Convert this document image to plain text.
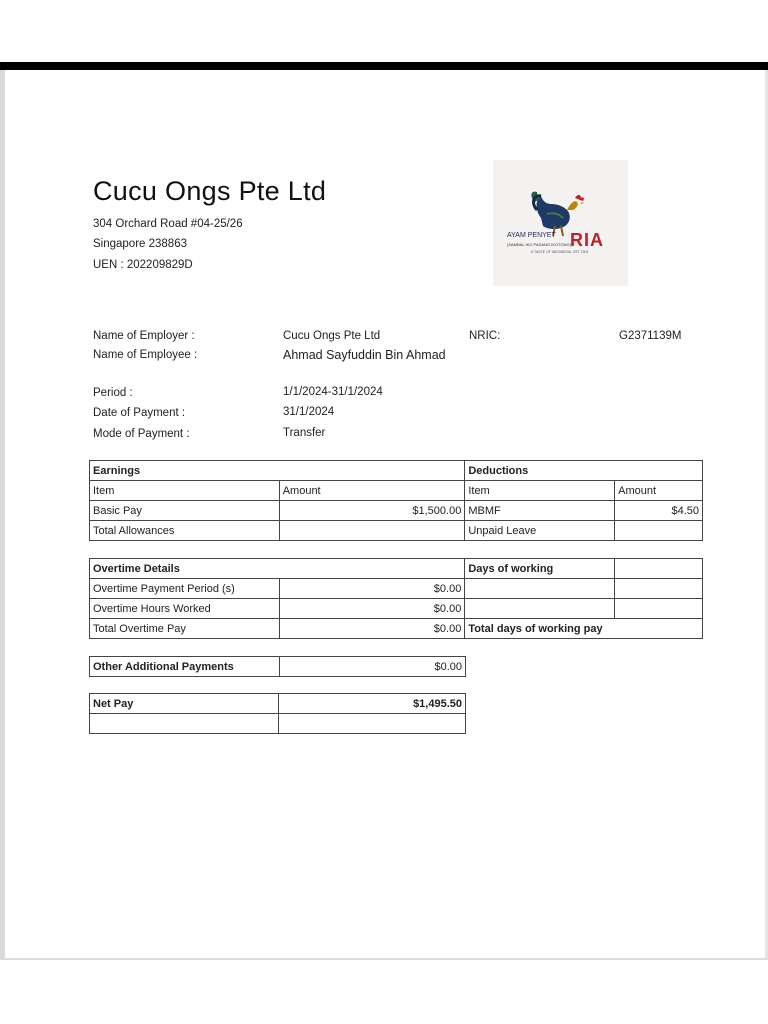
Cucu Ongs Pte Ltd
304 Orchard Road #04-25/26
Singapore 238863
UEN : 202209829D
AYAM PENYET
(SAMBAL IKO PADANG IKOTONG) RIA
A TASTE OF INDONESIA, EST 2001
Name of Employer :	Cucu Ongs Pte Ltd	NRIC:	G2371139M
Name of Employee :	Ahmad Sayfuddin Bin Ahmad
Period :	1/1/2024-31/1/2024
Date of Payment :	31/1/2024
Mode of Payment :	Transfer
Earnings		Deductions	
Item	Amount	Item	Amount
Basic Pay	$1,500.00	MBMF	$4.50
Total Allowances		Unpaid Leave	
Overtime Details		Days of working	
Overtime Payment Period (s)	$0.00		
Overtime Hours Worked	$0.00		
Total Overtime Pay	$0.00	Total days of working pay	
Other Additional Payments	$0.00
Net Pay	$1,495.50
